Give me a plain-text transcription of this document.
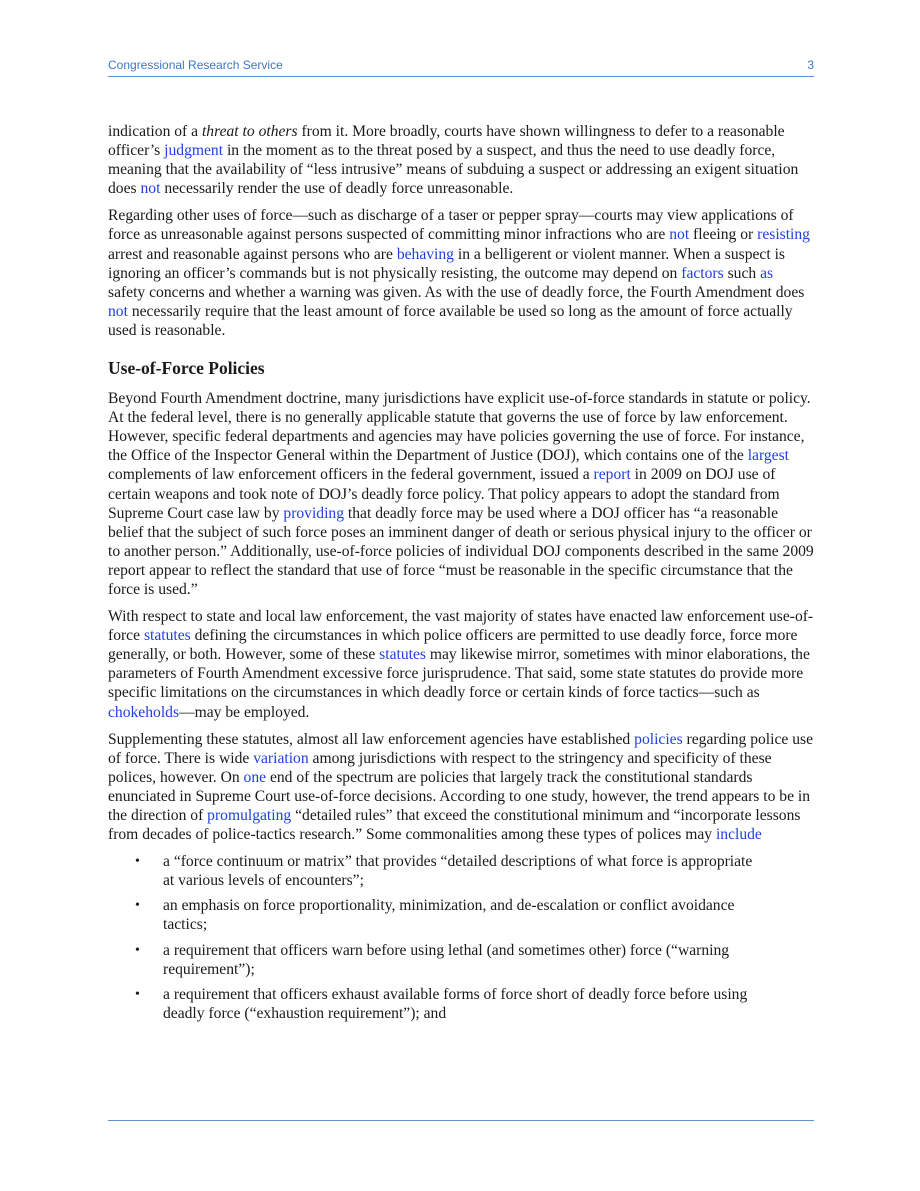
Congressional Research Service	3

indication of a threat to others from it. More broadly, courts have shown willingness to defer to a reasonable officer’s judgment in the moment as to the threat posed by a suspect, and thus the need to use deadly force, meaning that the availability of “less intrusive” means of subduing a suspect or addressing an exigent situation does not necessarily render the use of deadly force unreasonable.

Regarding other uses of force—such as discharge of a taser or pepper spray—courts may view applications of force as unreasonable against persons suspected of committing minor infractions who are not fleeing or resisting arrest and reasonable against persons who are behaving in a belligerent or violent manner. When a suspect is ignoring an officer’s commands but is not physically resisting, the outcome may depend on factors such as safety concerns and whether a warning was given. As with the use of deadly force, the Fourth Amendment does not necessarily require that the least amount of force available be used so long as the amount of force actually used is reasonable.

Use-of-Force Policies

Beyond Fourth Amendment doctrine, many jurisdictions have explicit use-of-force standards in statute or policy. At the federal level, there is no generally applicable statute that governs the use of force by law enforcement. However, specific federal departments and agencies may have policies governing the use of force. For instance, the Office of the Inspector General within the Department of Justice (DOJ), which contains one of the largest complements of law enforcement officers in the federal government, issued a report in 2009 on DOJ use of certain weapons and took note of DOJ’s deadly force policy. That policy appears to adopt the standard from Supreme Court case law by providing that deadly force may be used where a DOJ officer has “a reasonable belief that the subject of such force poses an imminent danger of death or serious physical injury to the officer or to another person.” Additionally, use-of-force policies of individual DOJ components described in the same 2009 report appear to reflect the standard that use of force “must be reasonable in the specific circumstance that the force is used.”

With respect to state and local law enforcement, the vast majority of states have enacted law enforcement use-of-force statutes defining the circumstances in which police officers are permitted to use deadly force, force more generally, or both. However, some of these statutes may likewise mirror, sometimes with minor elaborations, the parameters of Fourth Amendment excessive force jurisprudence. That said, some state statutes do provide more specific limitations on the circumstances in which deadly force or certain kinds of force tactics—such as chokeholds—may be employed.

Supplementing these statutes, almost all law enforcement agencies have established policies regarding police use of force. There is wide variation among jurisdictions with respect to the stringency and specificity of these polices, however. On one end of the spectrum are policies that largely track the constitutional standards enunciated in Supreme Court use-of-force decisions. According to one study, however, the trend appears to be in the direction of promulgating “detailed rules” that exceed the constitutional minimum and “incorporate lessons from decades of police-tactics research.” Some commonalities among these types of polices may include

• a “force continuum or matrix” that provides “detailed descriptions of what force is appropriate at various levels of encounters”;
• an emphasis on force proportionality, minimization, and de-escalation or conflict avoidance tactics;
• a requirement that officers warn before using lethal (and sometimes other) force (“warning requirement”);
• a requirement that officers exhaust available forms of force short of deadly force before using deadly force (“exhaustion requirement”); and
